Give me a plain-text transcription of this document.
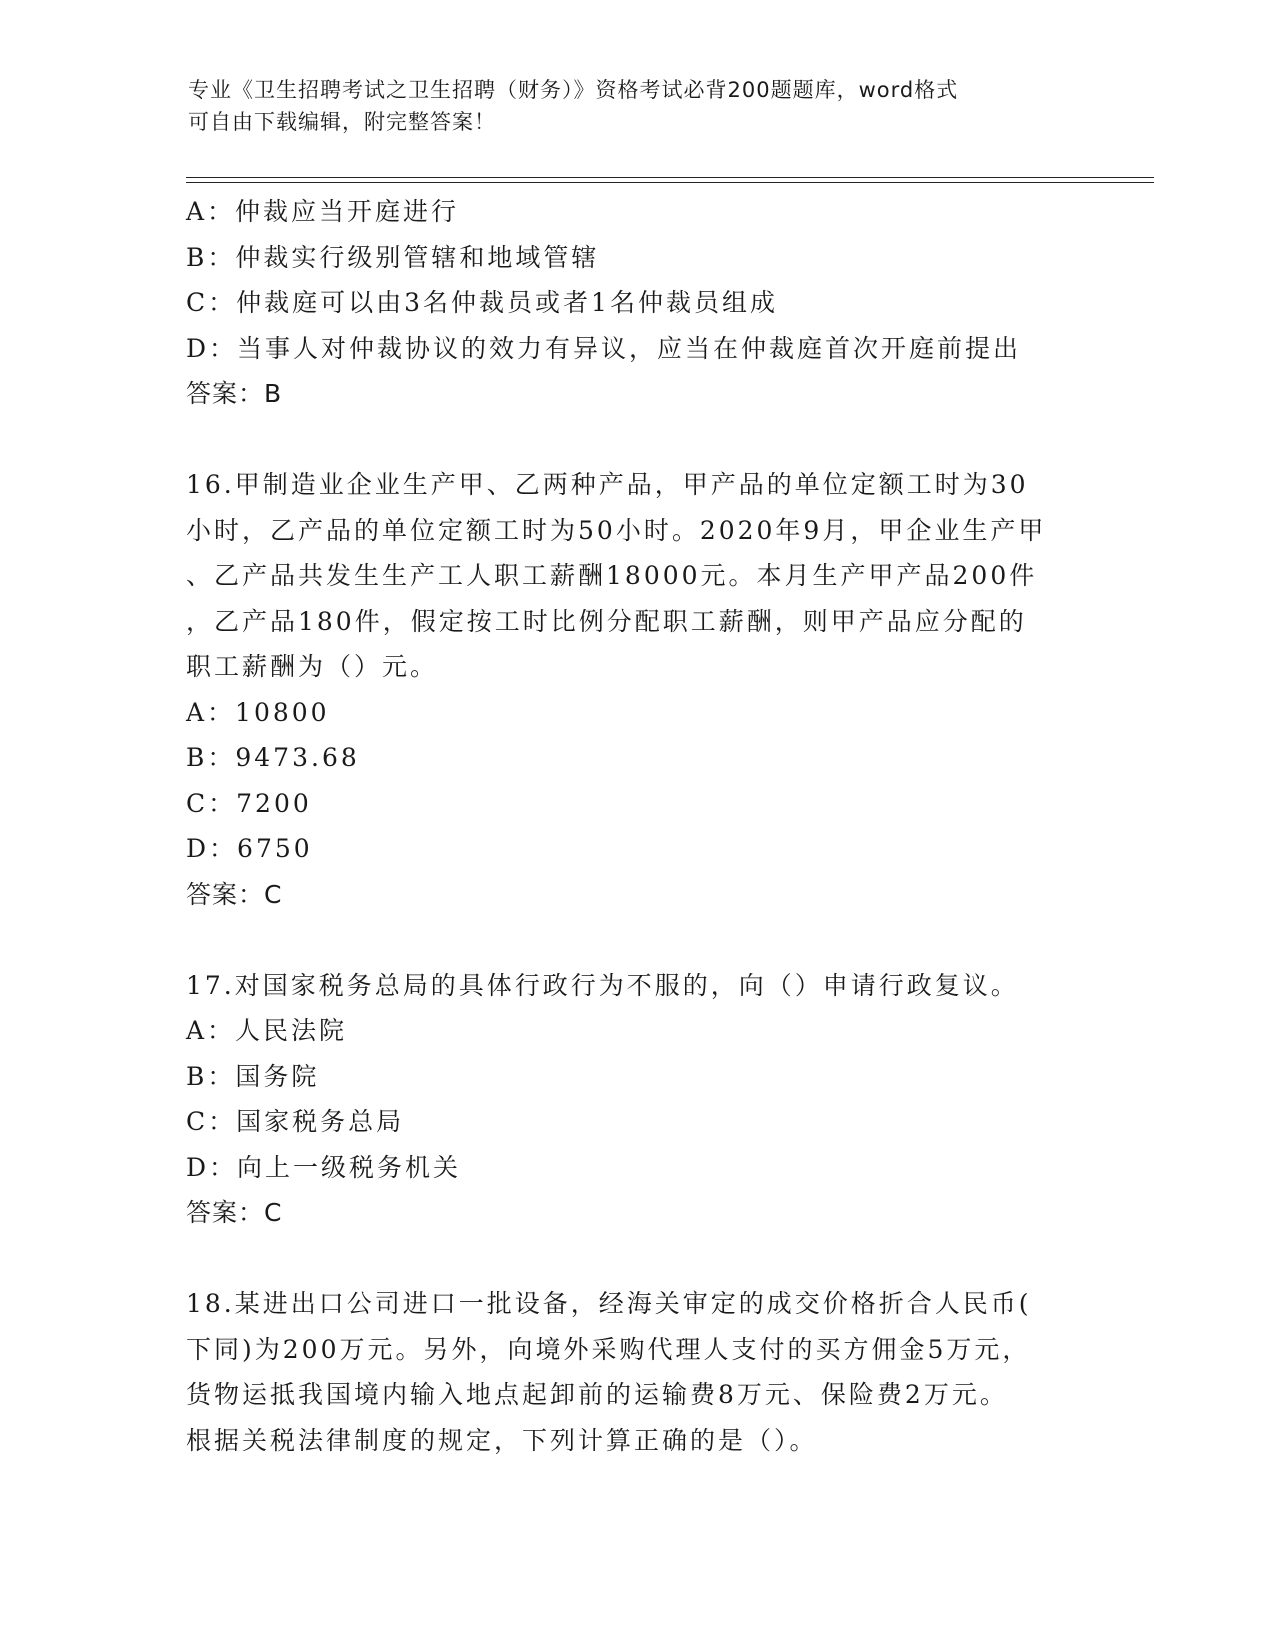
专业《卫生招聘考试之卫生招聘（财务）》资格考试必背200题题库，word格式
可自由下载编辑，附完整答案！
A：仲裁应当开庭进行
B：仲裁实行级别管辖和地域管辖
C：仲裁庭可以由3名仲裁员或者1名仲裁员组成
D：当事人对仲裁协议的效力有异议，应当在仲裁庭首次开庭前提出
答案：B
16.甲制造业企业生产甲、乙两种产品，甲产品的单位定额工时为30
小时，乙产品的单位定额工时为50小时。2020年9月，甲企业生产甲
、乙产品共发生生产工人职工薪酬18000元。本月生产甲产品200件
，乙产品180件，假定按工时比例分配职工薪酬，则甲产品应分配的
职工薪酬为（）元。
A：10800
B：9473.68
C：7200
D：6750
答案：C
17.对国家税务总局的具体行政行为不服的，向（）申请行政复议。
A：人民法院
B：国务院
C：国家税务总局
D：向上一级税务机关
答案：C
18.某进出口公司进口一批设备，经海关审定的成交价格折合人民币(
下同)为200万元。另外，向境外采购代理人支付的买方佣金5万元，
货物运抵我国境内输入地点起卸前的运输费8万元、保险费2万元。
根据关税法律制度的规定，下列计算正确的是（）。
